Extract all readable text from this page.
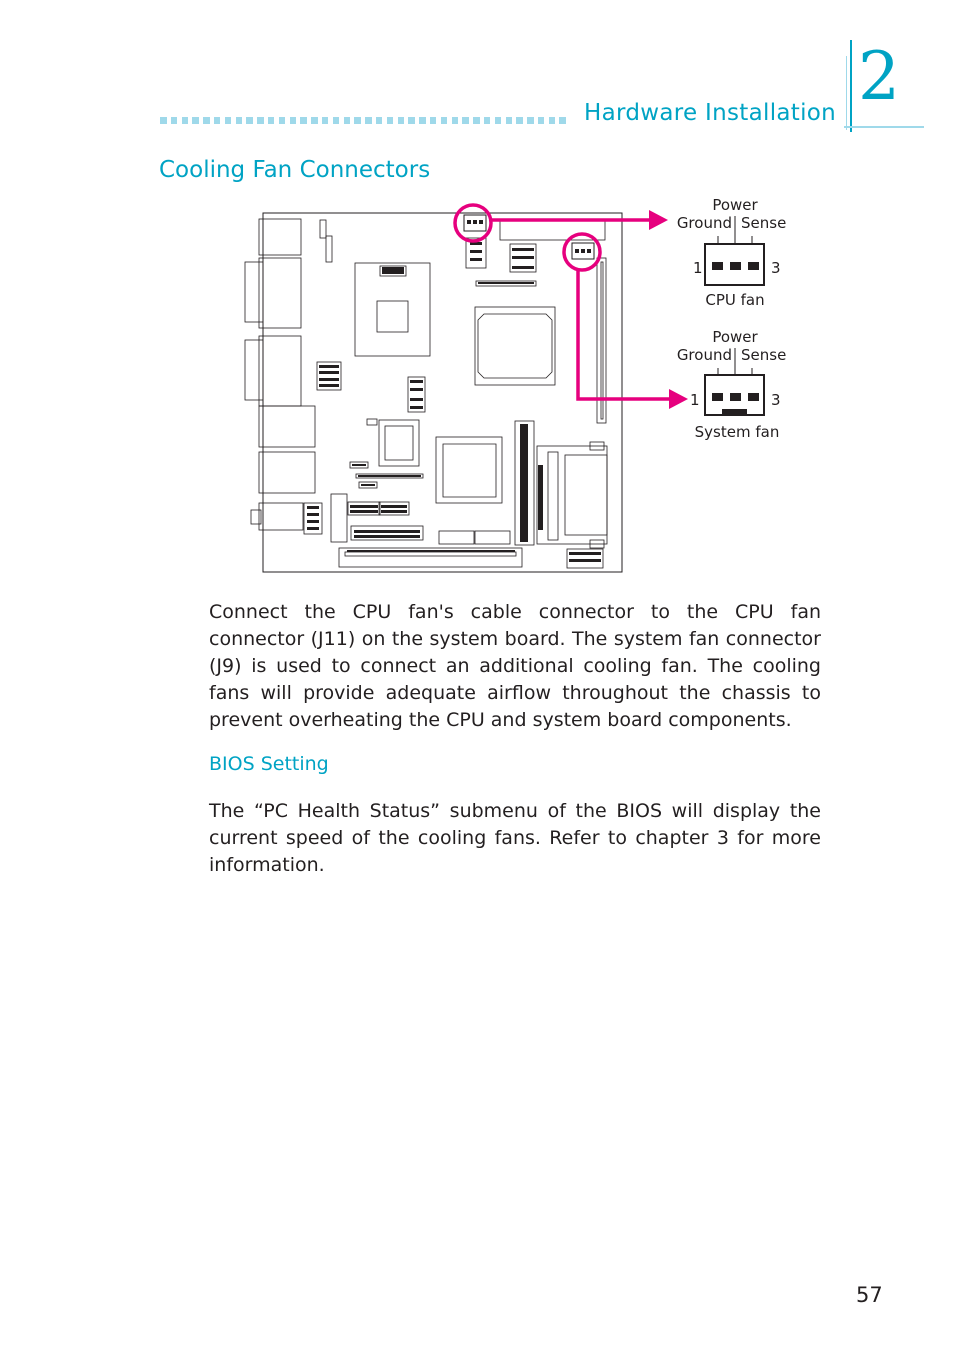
Hardware Installation 2
Cooling Fan Connectors
Power
Ground Sense
1	3
CPU fan
Power
Ground Sense
1	3
System fan
Connect the CPU fan's cable connector to the CPU fan connector (J11) on the system board. The system fan connector (J9) is used to connect an additional cooling fan. The cooling fans will provide adequate airflow throughout the chassis to prevent overheating the CPU and system board components.
BIOS Setting
The “PC Health Status” submenu of the BIOS will display the current speed of the cooling fans. Refer to chapter 3 for more information.
57
